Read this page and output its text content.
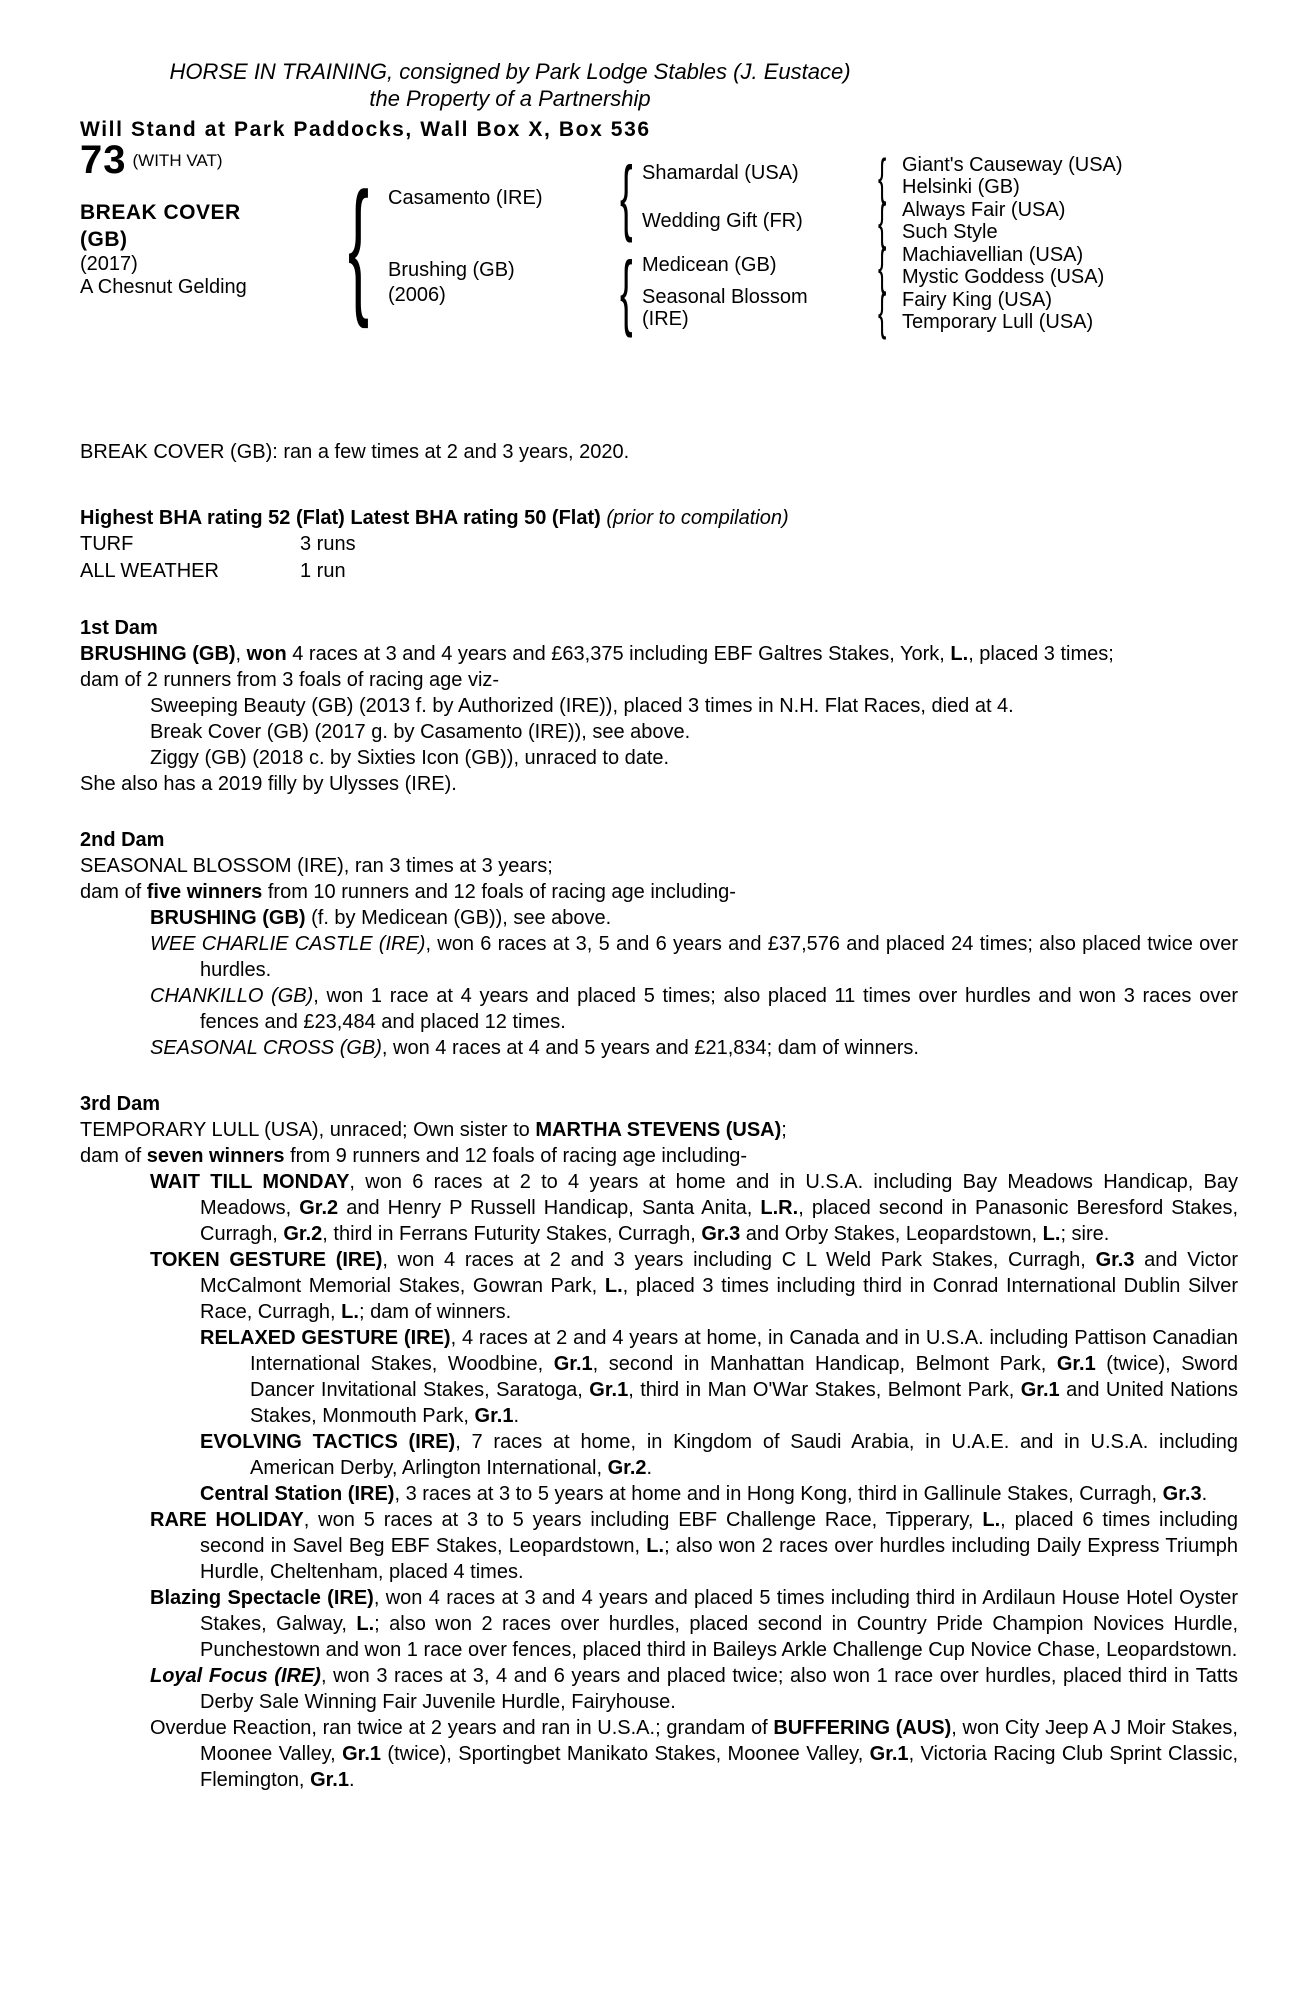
HORSE IN TRAINING, consigned by Park Lodge Stables (J. Eustace)

the Property of a Partnership

Will Stand at Park Paddocks, Wall Box X, Box 536

73 $^{(WITH VAT)}$
BREAK COVER
(GB)
(2017)
A Chesnut Gelding { Casamento (IRE)
Brushing (GB)
(2006)
{
{
Shamardal (USA)
Wedding Gift (FR)
Medicean (GB)
Seasonal Blossom
(IRE)
{
{
{
{
Giant's Causeway (USA)
Helsinki (GB)
Always Fair (USA)
Such Style
Machiavellian (USA)
Mystic Goddess (USA)
Fairy King (USA)
Temporary Lull (USA)

BREAK COVER (GB): ran a few times at 2 and 3 years, 2020.

Highest BHA rating 52 (Flat) Latest BHA rating 50 (Flat) (prior to compilation)

TURF	3 runs

ALL WEATHER	1 run

1st Dam

BRUSHING (GB), won 4 races at 3 and 4 years and £63,375 including EBF Galtres Stakes, York, L., placed 3 times;

dam of 2 runners from 3 foals of racing age viz-

Sweeping Beauty (GB) (2013 f. by Authorized (IRE)), placed 3 times in N.H. Flat Races, died at 4.

Break Cover (GB) (2017 g. by Casamento (IRE)), see above.

Ziggy (GB) (2018 c. by Sixties Icon (GB)), unraced to date.

She also has a 2019 filly by Ulysses (IRE).

2nd Dam

SEASONAL BLOSSOM (IRE), ran 3 times at 3 years;

dam of five winners from 10 runners and 12 foals of racing age including-

BRUSHING (GB) (f. by Medicean (GB)), see above.

WEE CHARLIE CASTLE (IRE), won 6 races at 3, 5 and 6 years and £37,576 and placed 24 times; also placed twice over hurdles.

CHANKILLO (GB), won 1 race at 4 years and placed 5 times; also placed 11 times over hurdles and won 3 races over fences and £23,484 and placed 12 times.

SEASONAL CROSS (GB), won 4 races at 4 and 5 years and £21,834; dam of winners.

3rd Dam

TEMPORARY LULL (USA), unraced; Own sister to MARTHA STEVENS (USA);

dam of seven winners from 9 runners and 12 foals of racing age including-

WAIT TILL MONDAY, won 6 races at 2 to 4 years at home and in U.S.A. including Bay Meadows Handicap, Bay Meadows, Gr.2 and Henry P Russell Handicap, Santa Anita, L.R., placed second in Panasonic Beresford Stakes, Curragh, Gr.2, third in Ferrans Futurity Stakes, Curragh, Gr.3 and Orby Stakes, Leopardstown, L.; sire.

TOKEN GESTURE (IRE), won 4 races at 2 and 3 years including C L Weld Park Stakes, Curragh, Gr.3 and Victor McCalmont Memorial Stakes, Gowran Park, L., placed 3 times including third in Conrad International Dublin Silver Race, Curragh, L.; dam of winners.

RELAXED GESTURE (IRE), 4 races at 2 and 4 years at home, in Canada and in U.S.A. including Pattison Canadian International Stakes, Woodbine, Gr.1, second in Manhattan Handicap, Belmont Park, Gr.1 (twice), Sword Dancer Invitational Stakes, Saratoga, Gr.1, third in Man O'War Stakes, Belmont Park, Gr.1 and United Nations Stakes, Monmouth Park, Gr.1.

EVOLVING TACTICS (IRE), 7 races at home, in Kingdom of Saudi Arabia, in U.A.E. and in U.S.A. including American Derby, Arlington International, Gr.2.

Central Station (IRE), 3 races at 3 to 5 years at home and in Hong Kong, third in Gallinule Stakes, Curragh, Gr.3.

RARE HOLIDAY, won 5 races at 3 to 5 years including EBF Challenge Race, Tipperary, L., placed 6 times including second in Savel Beg EBF Stakes, Leopardstown, L.; also won 2 races over hurdles including Daily Express Triumph Hurdle, Cheltenham, placed 4 times.

Blazing Spectacle (IRE), won 4 races at 3 and 4 years and placed 5 times including third in Ardilaun House Hotel Oyster Stakes, Galway, L.; also won 2 races over hurdles, placed second in Country Pride Champion Novices Hurdle, Punchestown and won 1 race over fences, placed third in Baileys Arkle Challenge Cup Novice Chase, Leopardstown.

Loyal Focus (IRE), won 3 races at 3, 4 and 6 years and placed twice; also won 1 race over hurdles, placed third in Tatts Derby Sale Winning Fair Juvenile Hurdle, Fairyhouse.

Overdue Reaction, ran twice at 2 years and ran in U.S.A.; grandam of BUFFERING (AUS), won City Jeep A J Moir Stakes, Moonee Valley, Gr.1 (twice), Sportingbet Manikato Stakes, Moonee Valley, Gr.1, Victoria Racing Club Sprint Classic, Flemington, Gr.1.
